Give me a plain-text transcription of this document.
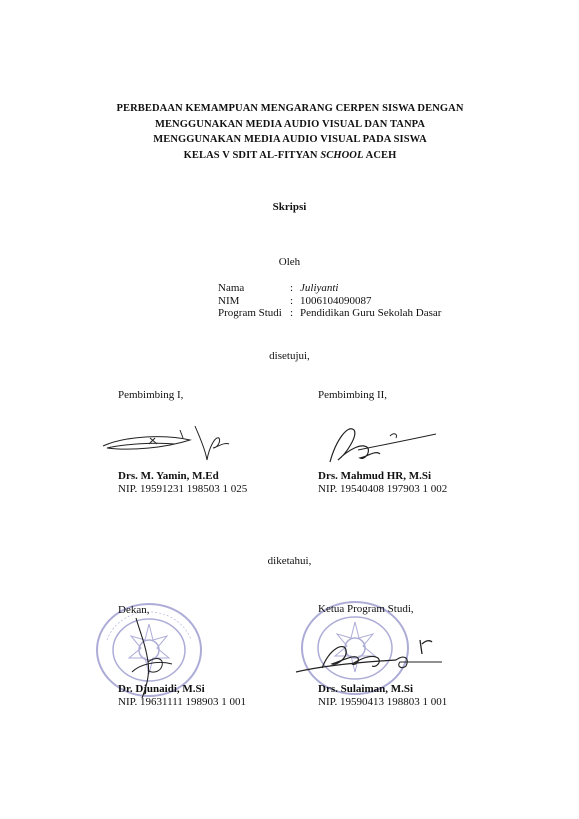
PERBEDAAN KEMAMPUAN MENGARANG CERPEN SISWA DENGAN
MENGGUNAKAN MEDIA AUDIO VISUAL DAN TANPA
MENGGUNAKAN MEDIA AUDIO VISUAL PADA SISWA
KELAS V SDIT AL-FITYAN SCHOOL ACEH
Skripsi
Oleh
Nama	: Juliyanti
NIM	: 1006104090087
Program Studi : Pendidikan Guru Sekolah Dasar
disetujui,
Pembimbing I,
Drs. M. Yamin, M.Ed
NIP. 19591231 198503 1 025
Pembimbing II,
Drs. Mahmud HR, M.Si
NIP. 19540408 197903 1 002
diketahui,
Dekan,
Dr. Djunaidi, M.Si
NIP. 19631111 198903 1 001
Ketua Program Studi,
Drs. Sulaiman, M.Si
NIP. 19590413 198803 1 001
